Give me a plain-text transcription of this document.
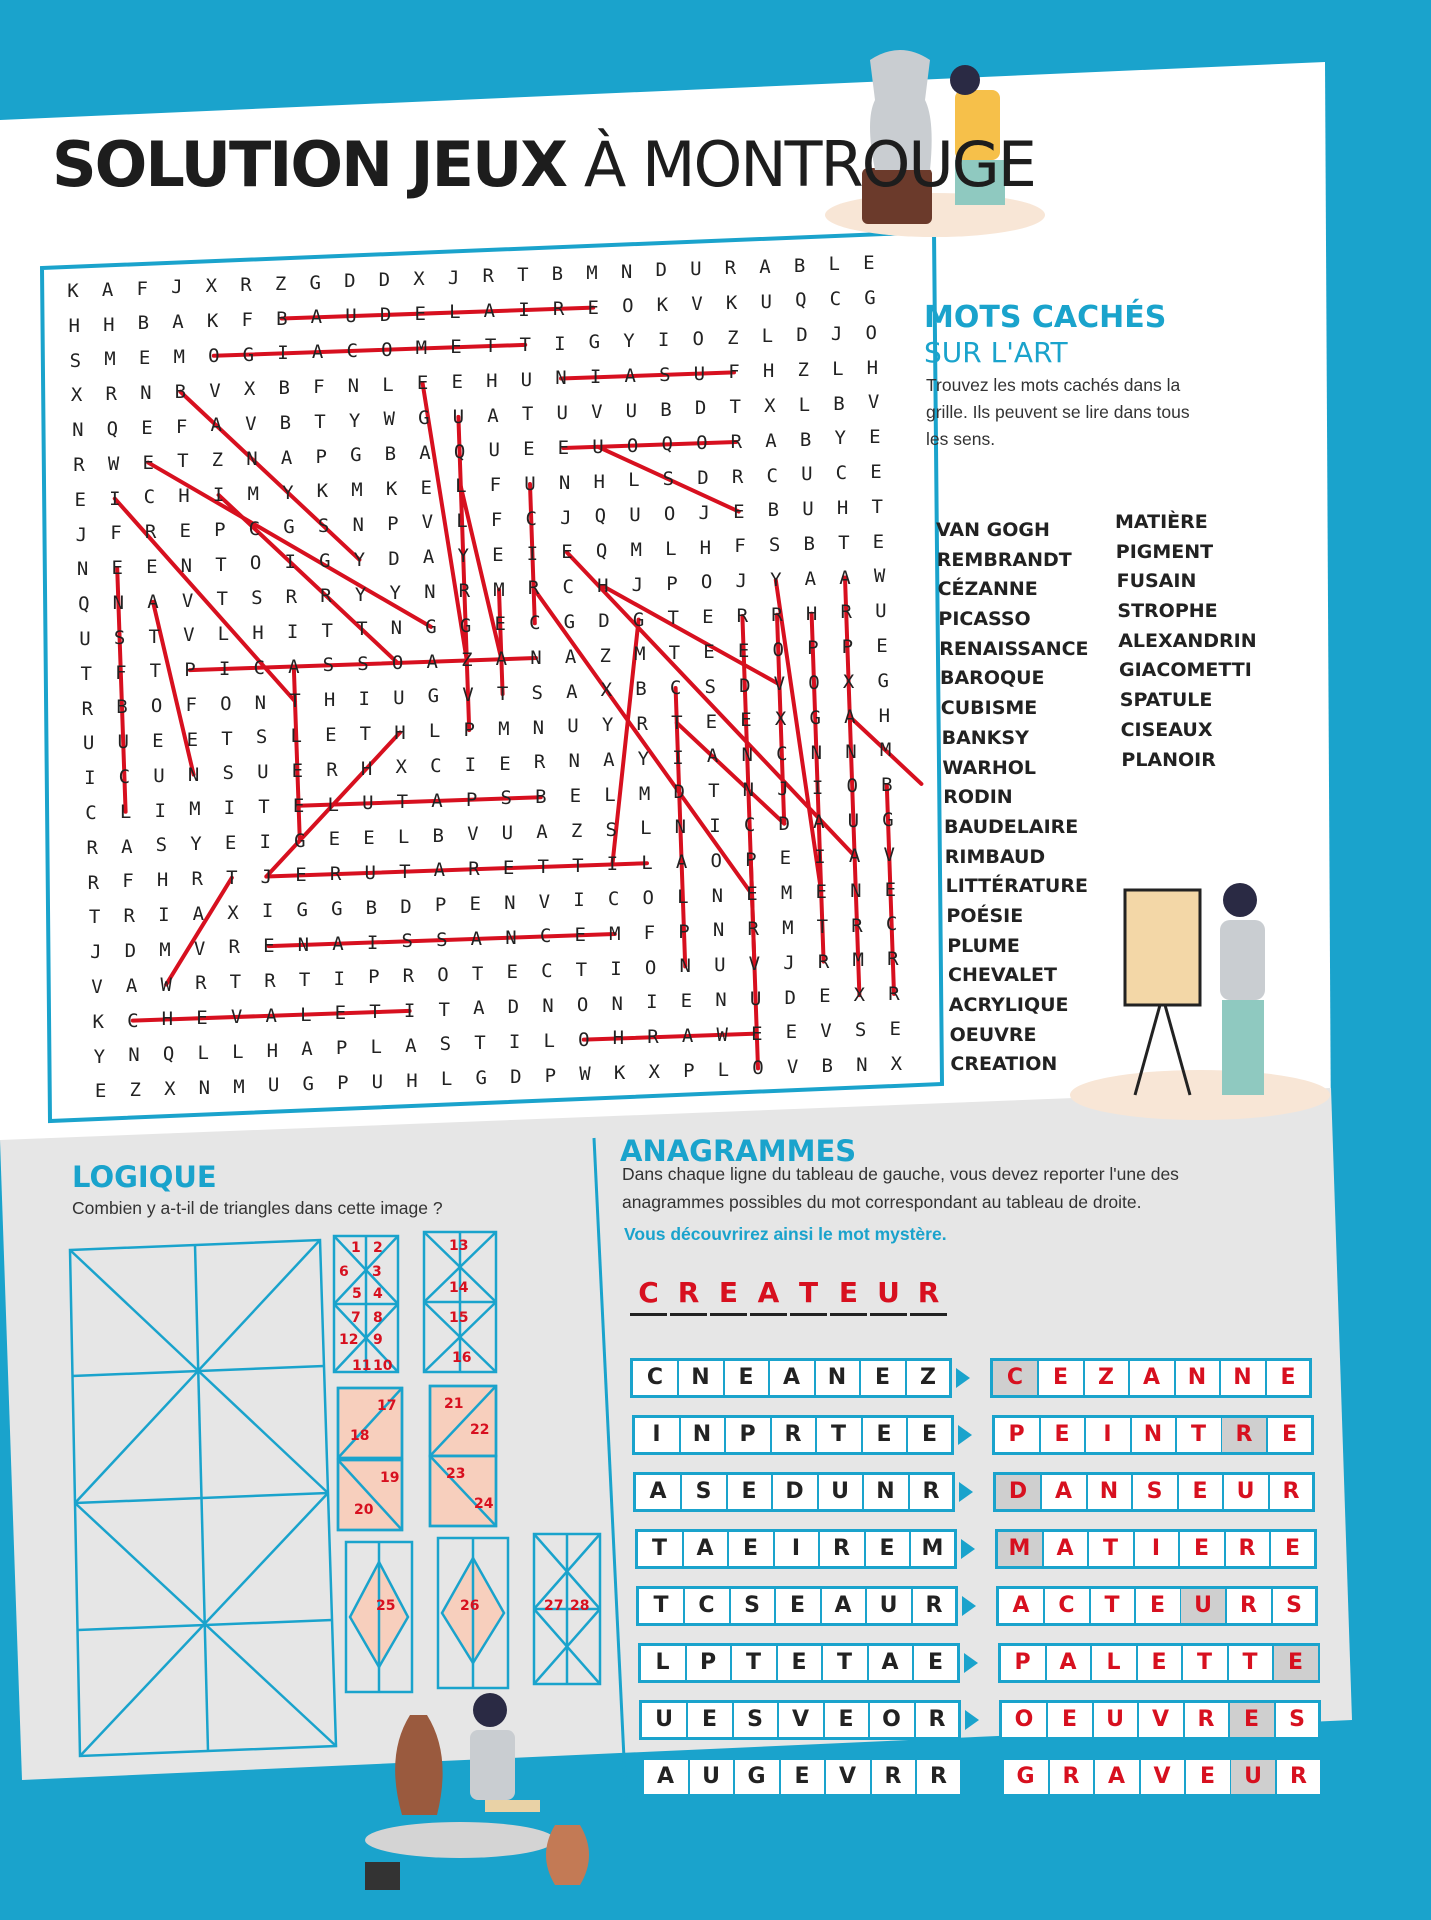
SOLUTION JEUX À MONTROUGE
K	A	F	J	X	R	Z	G	D	D	X	J	R	T	B	M	N	D	U	R	A	B	L	E
H	H	B	A	K	F	B	A	U	D	E	L	A	I	R	E	O	K	V	K	U	Q	C	G
S	M	E	M	O	G	I	A	C	O	M	E	T	T	I	G	Y	I	O	Z	L	D	J	O
X	R	N	B	V	X	B	F	N	L	E	E	H	U	N	I	A	S	U	F	H	Z	L	H
N	Q	E	F	A	V	B	T	Y	W	G	U	A	T	U	V	U	B	D	T	X	L	B	V
R	W	E	T	Z	N	A	P	G	B	A	Q	U	E	E	U	O	Q	O	R	A	B	Y	E
E	I	C	H	I	M	Y	K	M	K	E	L	F	U	N	H	L	S	D	R	C	U	C	E
J	F	R	E	P	C	G	S	N	P	V	L	F	C	J	Q	U	O	J	E	B	U	H	T
N	E	E	N	T	O	I	G	Y	D	A	Y	E	I	E	Q	M	L	H	F	S	B	T	E
Q	N	A	V	T	S	R	R	Y	Y	N	R	M	R	C	H	J	P	O	J	Y	A	A	W
U	S	T	V	L	H	I	T	T	N	G	G	E	C	G	D	G	T	E	R	R	H	R	U
T	F	T	P	I	C	A	S	S	O	A	Z	A	N	A	Z	M	T	E	E	O	P	P	E
R	B	O	F	O	N	T	H	I	U	G	V	T	S	A	X	B	C	S	D	V	O	X	G
U	U	E	E	T	S	L	E	T	H	L	P	M	N	U	Y	R	T	E	E	X	G	A	H
I	C	U	N	S	U	E	R	H	X	C	I	E	R	N	A	Y	I	A	N	C	N	N	M
C	L	I	M	I	T	E	L	U	T	A	P	S	B	E	L	M	D	T	N	J	I	O	B
R	A	S	Y	E	I	G	E	E	L	B	V	U	A	Z	S	L	N	I	C	D	A	U	G
R	F	H	R	T	J	E	R	U	T	A	R	E	T	T	I	L	A	O	P	E	I	A	V
T	R	I	A	X	I	G	G	B	D	P	E	N	V	I	C	O	L	N	E	M	E	N	E
J	D	M	V	R	E	N	A	I	S	S	A	N	C	E	M	F	P	N	R	M	T	R	C
V	A	W	R	T	R	T	I	P	R	O	T	E	C	T	I	O	N	U	V	J	R	M	R
K	C	H	E	V	A	L	E	T	I	T	A	D	N	O	N	I	E	N	U	D	E	X	R
Y	N	Q	L	L	H	A	P	L	A	S	T	I	L	O	H	R	A	W	E	E	V	S	E
E	Z	X	N	M	U	G	P	U	H	L	G	D	P	W	K	X	P	L	O	V	B	N	X
MOTS CACHÉS
SUR L'ART
Trouvez les mots cachés dans la grille. Ils peuvent se lire dans tous les sens.
VAN GOGH
REMBRANDT
CÉZANNE
PICASSO
RENAISSANCE
BAROQUE
CUBISME
BANKSY
WARHOL
RODIN
BAUDELAIRE
RIMBAUD
LITTÉRATURE
POÉSIE
PLUME
CHEVALET
ACRYLIQUE
OEUVRE
CREATION
MATIÈRE
PIGMENT
FUSAIN
STROPHE
ALEXANDRIN
GIACOMETTI
SPATULE
CISEAUX
PLANOIR
LOGIQUE
Combien y a-t-il de triangles dans cette image ?
1 2
3
4
5
6
7 8
9
10
11
12
13
14
15
16
17
18
19
20
21
22
23
24
25	26	27 28
ANAGRAMMES
Dans chaque ligne du tableau de gauche, vous devez reporter l'une des anagrammes possibles du mot correspondant au tableau de droite.
Vous découvrirez ainsi le mot mystère.
C R E A T E U R
C	N	E	A	N	E	Z	C	E	Z	A	N	N	E
I	N	P	R	T	E	E	P	E	I	N	T	R	E
A	S	E	D	U	N	R	D	A	N	S	E	U	R
T	A	E	I	R	E	M	M	A	T	I	E	R	E
T	C	S	E	A	U	R	A	C	T	E	U	R	S
L	P	T	E	T	A	E	P	A	L	E	T	T	E
U	E	S	V	E	O	R	O	E	U	V	R	E	S
A	U	G	E	V	R	R	G	R	A	V	E	U	R
